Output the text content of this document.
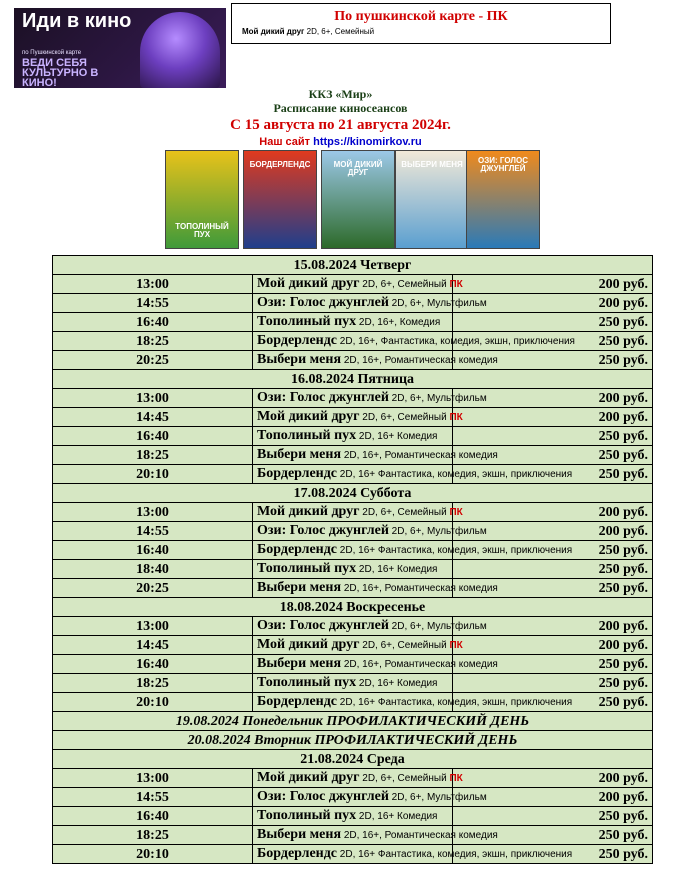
Иди в кино
по Пушкинской карте
ВЕДИ СЕБЯ КУЛЬТУРНО В КИНО!
По пушкинской карте - ПК
Мой дикий друг 2D, 6+, Семейный
ККЗ «Мир»
Расписание киносеансов
С 15 августа по 21 августа 2024г.
Наш сайт https://kinomirkov.ru
ТОПОЛИНЫЙ ПУХ
БОРДЕРЛЕНДС	МОЙ ДИКИЙ ДРУГ
ВЫБЕРИ МЕНЯ	ОЗИ: ГОЛОС ДЖУНГЛЕЙ
15.08.2024 Четверг		
13:00	Мой дикий друг 2D, 6+, Семейный ПК	200 руб.
14:55	Ози: Голос джунглей 2D, 6+, Мультфильм	200 руб.
16:40	Тополиный пух 2D, 16+, Комедия	250 руб.
18:25	Бордерлендс 2D, 16+, Фантастика, комедия, экшн, приключения	250 руб.
20:25	Выбери меня 2D, 16+, Романтическая комедия	250 руб.
16.08.2024 Пятница		
13:00	Ози: Голос джунглей 2D, 6+, Мультфильм	200 руб.
14:45	Мой дикий друг 2D, 6+, Семейный ПК	200 руб.
16:40	Тополиный пух 2D, 16+ Комедия	250 руб.
18:25	Выбери меня 2D, 16+, Романтическая комедия	250 руб.
20:10	Бордерлендс 2D, 16+ Фантастика, комедия, экшн, приключения	250 руб.
17.08.2024 Суббота		
13:00	Мой дикий друг 2D, 6+, Семейный ПК	200 руб.
14:55	Ози: Голос джунглей 2D, 6+, Мультфильм	200 руб.
16:40	Бордерлендс 2D, 16+ Фантастика, комедия, экшн, приключения	250 руб.
18:40	Тополиный пух 2D, 16+ Комедия	250 руб.
20:25	Выбери меня 2D, 16+, Романтическая комедия	250 руб.
18.08.2024 Воскресенье		
13:00	Ози: Голос джунглей 2D, 6+, Мультфильм	200 руб.
14:45	Мой дикий друг 2D, 6+, Семейный ПК	200 руб.
16:40	Выбери меня 2D, 16+, Романтическая комедия	250 руб.
18:25	Тополиный пух 2D, 16+ Комедия	250 руб.
20:10	Бордерлендс 2D, 16+ Фантастика, комедия, экшн, приключения	250 руб.
19.08.2024 Понедельник ПРОФИЛАКТИЧЕСКИЙ ДЕНЬ		
20.08.2024 Вторник ПРОФИЛАКТИЧЕСКИЙ ДЕНЬ		
21.08.2024 Среда		
13:00	Мой дикий друг 2D, 6+, Семейный ПК	200 руб.
14:55	Ози: Голос джунглей 2D, 6+, Мультфильм	200 руб.
16:40	Тополиный пух 2D, 16+ Комедия	250 руб.
18:25	Выбери меня 2D, 16+, Романтическая комедия	250 руб.
20:10	Бордерлендс 2D, 16+ Фантастика, комедия, экшн, приключения	250 руб.
